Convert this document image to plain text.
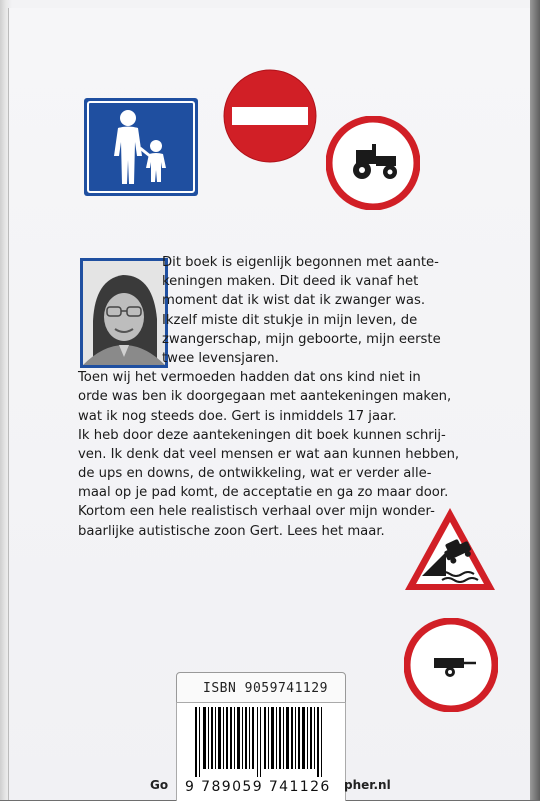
Dit boek is eigenlijk begonnen met aante-
keningen maken. Dit deed ik vanaf het
moment dat ik wist dat ik zwanger was.
Ikzelf miste dit stukje in mijn leven, de
zwangerschap, mijn geboorte, mijn eerste
twee levensjaren.
Toen wij het vermoeden hadden dat ons kind niet in
orde was ben ik doorgegaan met aantekeningen maken,
wat ik nog steeds doe. Gert is inmiddels 17 jaar.
Ik heb door deze aantekeningen dit boek kunnen schrij-
ven. Ik denk dat veel mensen er wat aan kunnen hebben,
de ups en downs, de ontwikkeling, wat er verder alle-
maal op je pad komt, de acceptatie en ga zo maar door.
Kortom een hele realistisch verhaal over mijn wonder-
baarlijke autistische zoon Gert. Lees het maar.
ISBN 9059741129
9 789059 741126
Go	pher.nl
